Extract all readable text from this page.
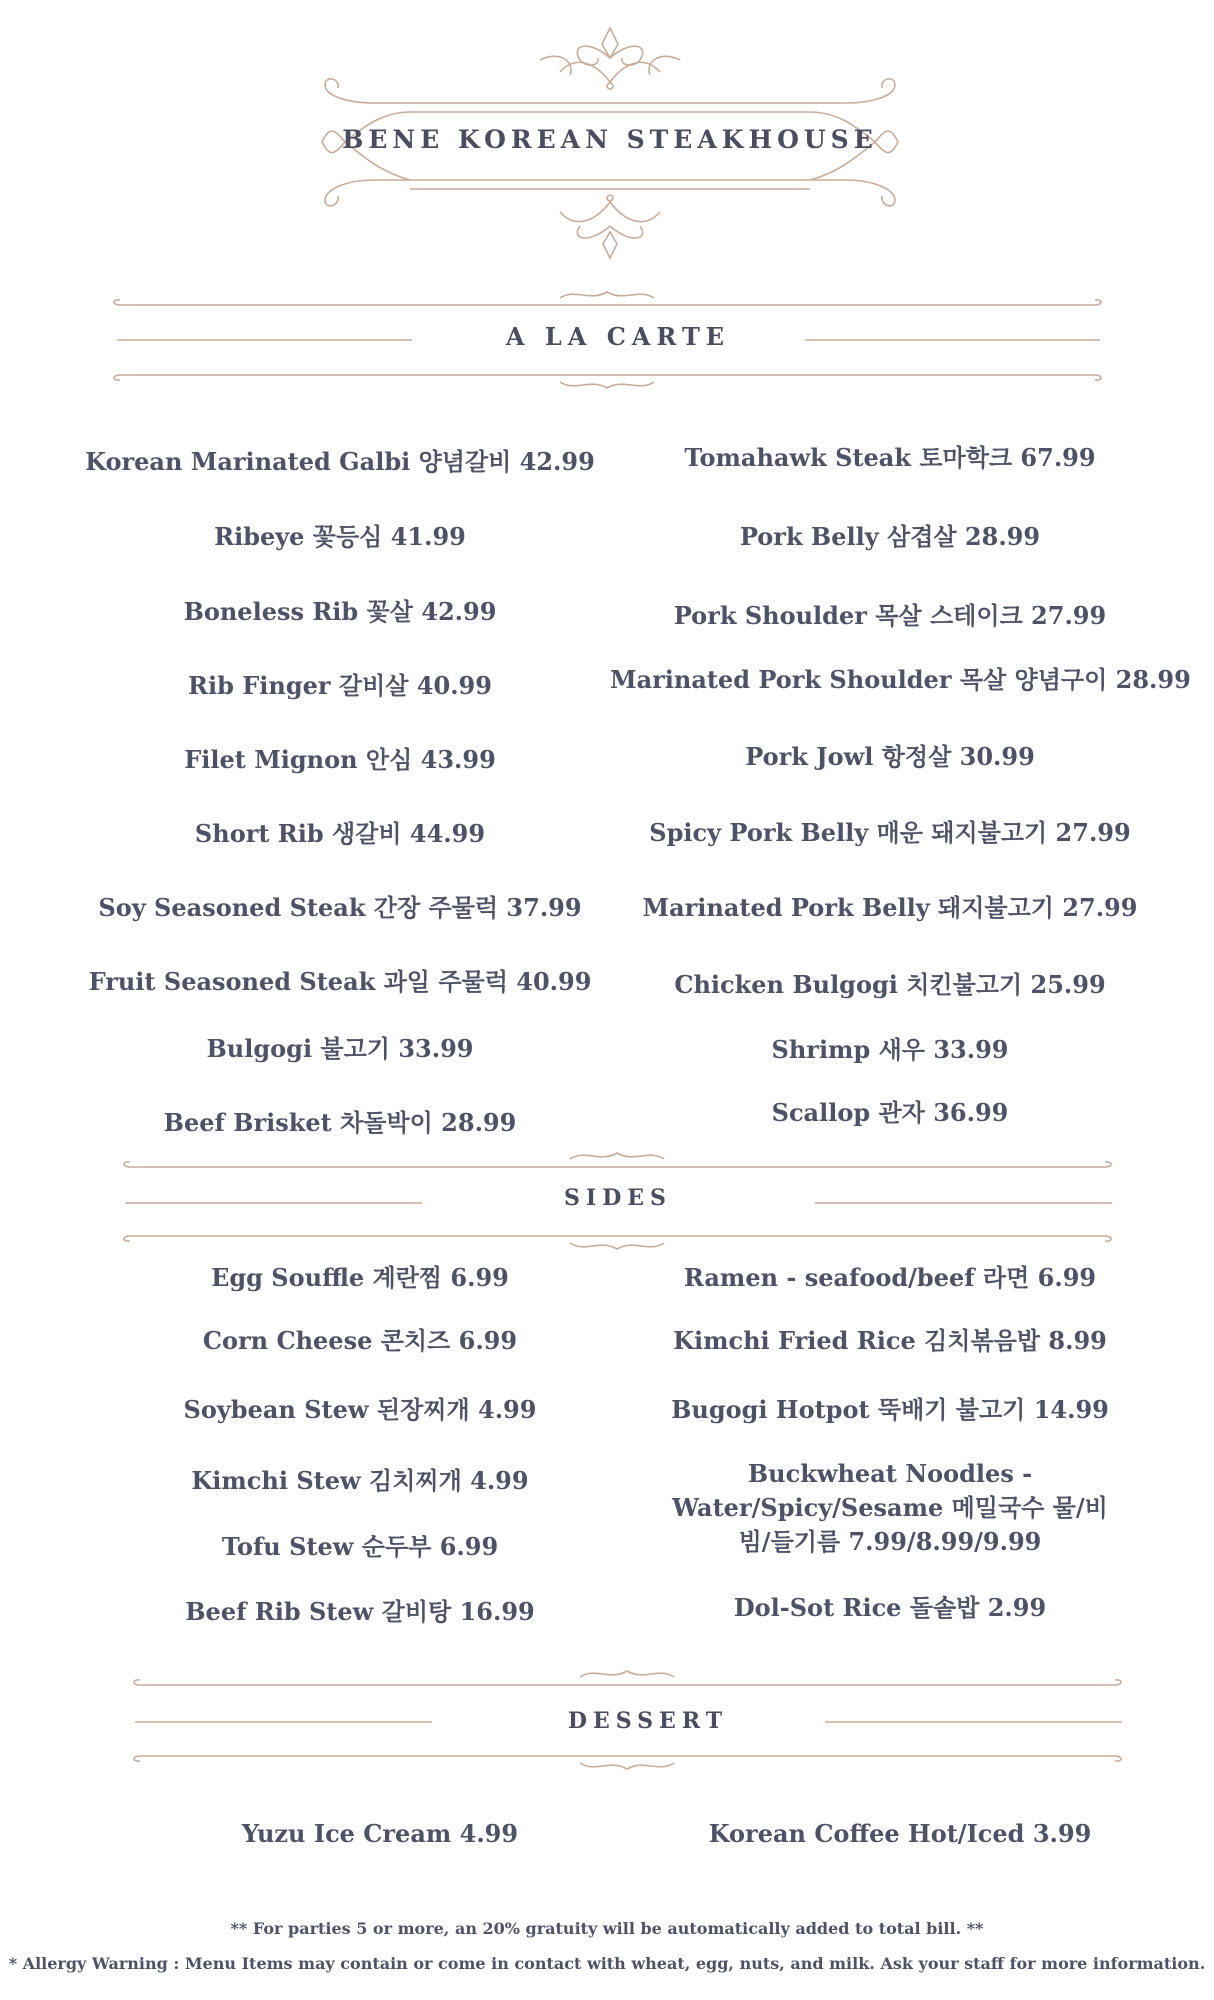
BENE KOREAN STEAKHOUSE
A LA CARTE
Korean Marinated Galbi 양념갈비 42.99
Ribeye 꽃등심 41.99
Boneless Rib 꽃살 42.99
Rib Finger 갈비살 40.99
Filet Mignon 안심 43.99
Short Rib 생갈비 44.99
Soy Seasoned Steak 간장 주물럭 37.99
Fruit Seasoned Steak 과일 주물럭 40.99
Bulgogi 불고기 33.99
Beef Brisket 차돌박이 28.99
Tomahawk Steak 토마학크 67.99
Pork Belly 삼겹살 28.99
Pork Shoulder 목살 스테이크 27.99
Marinated Pork Shoulder 목살 양념구이 28.99
Pork Jowl 항정살 30.99
Spicy Pork Belly 매운 돼지불고기 27.99
Marinated Pork Belly 돼지불고기 27.99
Chicken Bulgogi 치킨불고기 25.99
Shrimp 새우 33.99
Scallop 관자 36.99
SIDES
Egg Souffle 계란찜 6.99
Corn Cheese 콘치즈 6.99
Soybean Stew 된장찌개 4.99
Kimchi Stew 김치찌개 4.99
Tofu Stew 순두부 6.99
Beef Rib Stew 갈비탕 16.99
Ramen - seafood/beef 라면 6.99
Kimchi Fried Rice 김치볶음밥 8.99
Bugogi Hotpot 뚝배기 불고기 14.99
Buckwheat Noodles - Water/Spicy/Sesame 메밀국수 물/비빔/들기름 7.99/8.99/9.99
Dol-Sot Rice 돌솥밥 2.99
DESSERT
Yuzu Ice Cream 4.99	Korean Coffee Hot/Iced 3.99
** For parties 5 or more, an 20% gratuity will be automatically added to total bill. **
* Allergy Warning : Menu Items may contain or come in contact with wheat, egg, nuts, and milk. Ask your staff for more information.
